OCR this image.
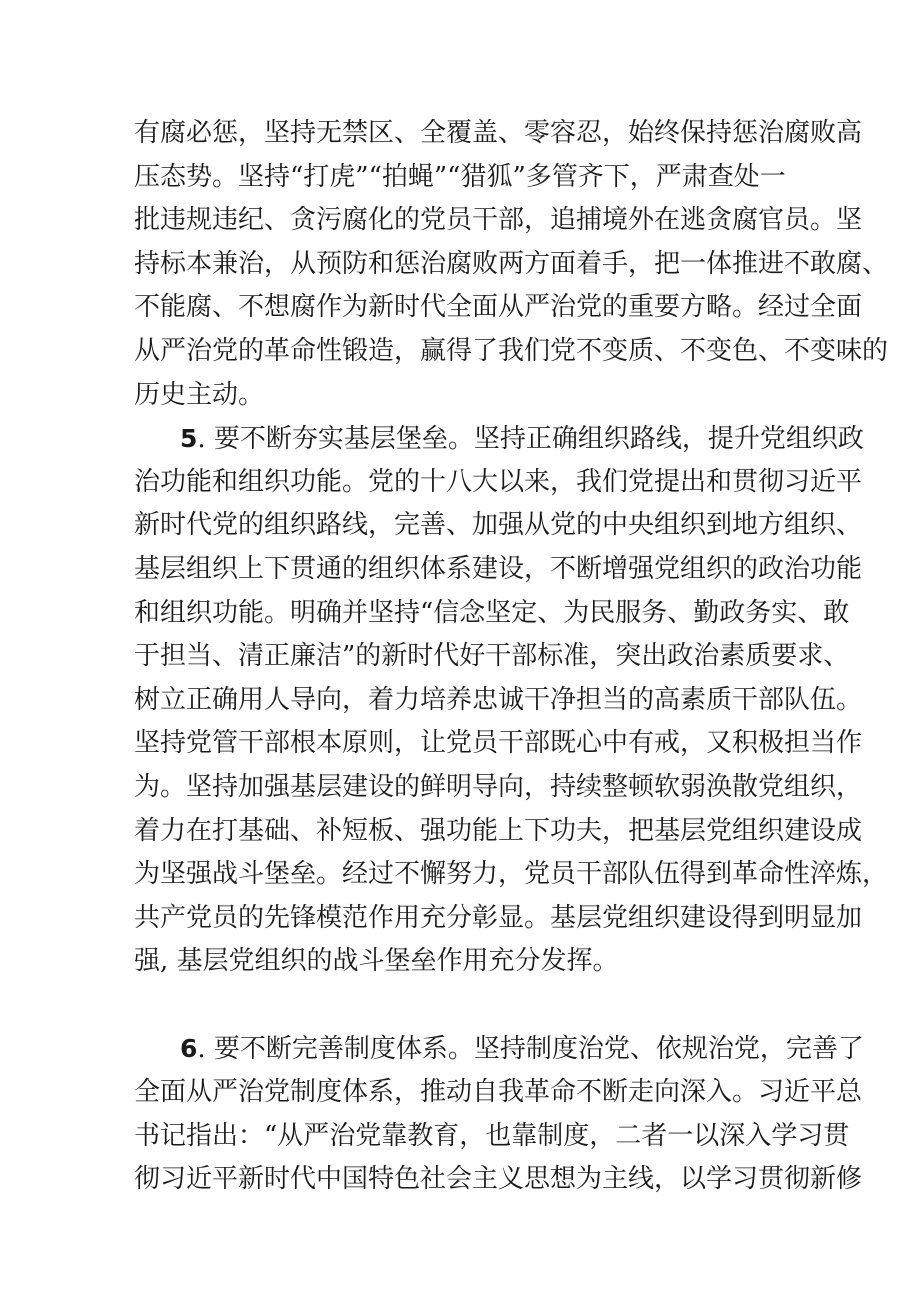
有腐必惩，坚持无禁区、全覆盖、零容忍，始终保持惩治腐败高
压态势。坚持“打虎”“拍蝇”“猎狐”多管齐下，严肃查处一
批违规违纪、贪污腐化的党员干部，追捕境外在逃贪腐官员。坚
持标本兼治，从预防和惩治腐败两方面着手，把一体推进不敢腐、
不能腐、不想腐作为新时代全面从严治党的重要方略。经过全面
从严治党的革命性锻造，赢得了我们党不变质、不变色、不变味的
历史主动。
5. 要不断夯实基层堡垒。坚持正确组织路线，提升党组织政
治功能和组织功能。党的十八大以来，我们党提出和贯彻习近平
新时代党的组织路线，完善、加强从党的中央组织到地方组织、
基层组织上下贯通的组织体系建设，不断增强党组织的政治功能
和组织功能。明确并坚持“信念坚定、为民服务、勤政务实、敢
于担当、清正廉洁”的新时代好干部标准，突出政治素质要求、
树立正确用人导向，着力培养忠诚干净担当的高素质干部队伍。
坚持党管干部根本原则，让党员干部既心中有戒，又积极担当作
为。坚持加强基层建设的鲜明导向，持续整顿软弱涣散党组织，
着力在打基础、补短板、强功能上下功夫，把基层党组织建设成
为坚强战斗堡垒。经过不懈努力，党员干部队伍得到革命性淬炼，
共产党员的先锋模范作用充分彰显。基层党组织建设得到明显加
强, 基层党组织的战斗堡垒作用充分发挥。
6. 要不断完善制度体系。坚持制度治党、依规治党，完善了
全面从严治党制度体系，推动自我革命不断走向深入。习近平总
书记指出：“从严治党靠教育，也靠制度，二者一以深入学习贯
彻习近平新时代中国特色社会主义思想为主线，以学习贯彻新修
